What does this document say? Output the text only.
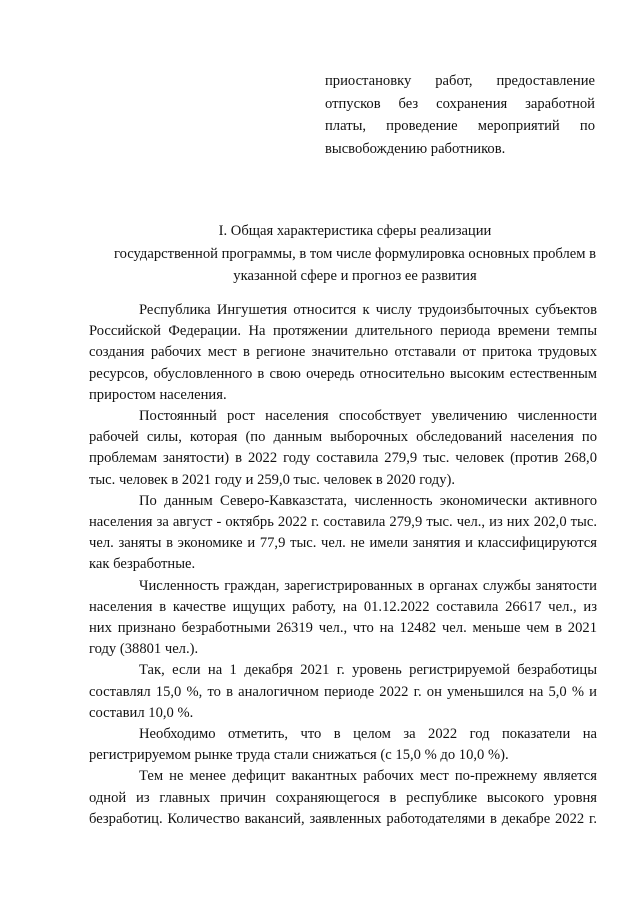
приостановку работ, предоставление
отпусков без сохранения заработной
платы, проведение мероприятий по
высвобождению работников.
I. Общая характеристика сферы реализации
государственной программы, в том числе формулировка основных проблем в
указанной сфере и прогноз ее развития
Республика Ингушетия относится к числу трудоизбыточных субъектов
Российской Федерации. На протяжении длительного периода времени темпы
создания рабочих мест в регионе значительно отставали от притока трудовых
ресурсов, обусловленного в свою очередь относительно высоким естественным
приростом населения.
Постоянный рост населения способствует увеличению численности
рабочей силы, которая (по данным выборочных обследований населения по
проблемам занятости) в 2022 году составила 279,9 тыс. человек (против 268,0
тыс. человек в 2021 году и 259,0 тыс. человек в 2020 году).
По данным Северо-Кавказстата, численность экономически активного
населения за август - октябрь 2022 г. составила 279,9 тыс. чел., из них 202,0 тыс.
чел. заняты в экономике и 77,9 тыс. чел. не имели занятия и классифицируются
как безработные.
Численность граждан, зарегистрированных в органах службы занятости
населения в качестве ищущих работу, на 01.12.2022 составила 26617 чел., из
них признано безработными 26319 чел., что на 12482 чел. меньше чем в 2021
году (38801 чел.).
Так, если на 1 декабря 2021 г. уровень регистрируемой безработицы
составлял 15,0 %, то в аналогичном периоде 2022 г. он уменьшился на 5,0 % и
составил 10,0 %.
Необходимо отметить, что в целом за 2022 год показатели на
регистрируемом рынке труда стали снижаться (с 15,0 % до 10,0 %).
Тем не менее дефицит вакантных рабочих мест по-прежнему является
одной из главных причин сохраняющегося в республике высокого уровня
безработиц. Количество вакансий, заявленных работодателями в декабре 2022 г.
